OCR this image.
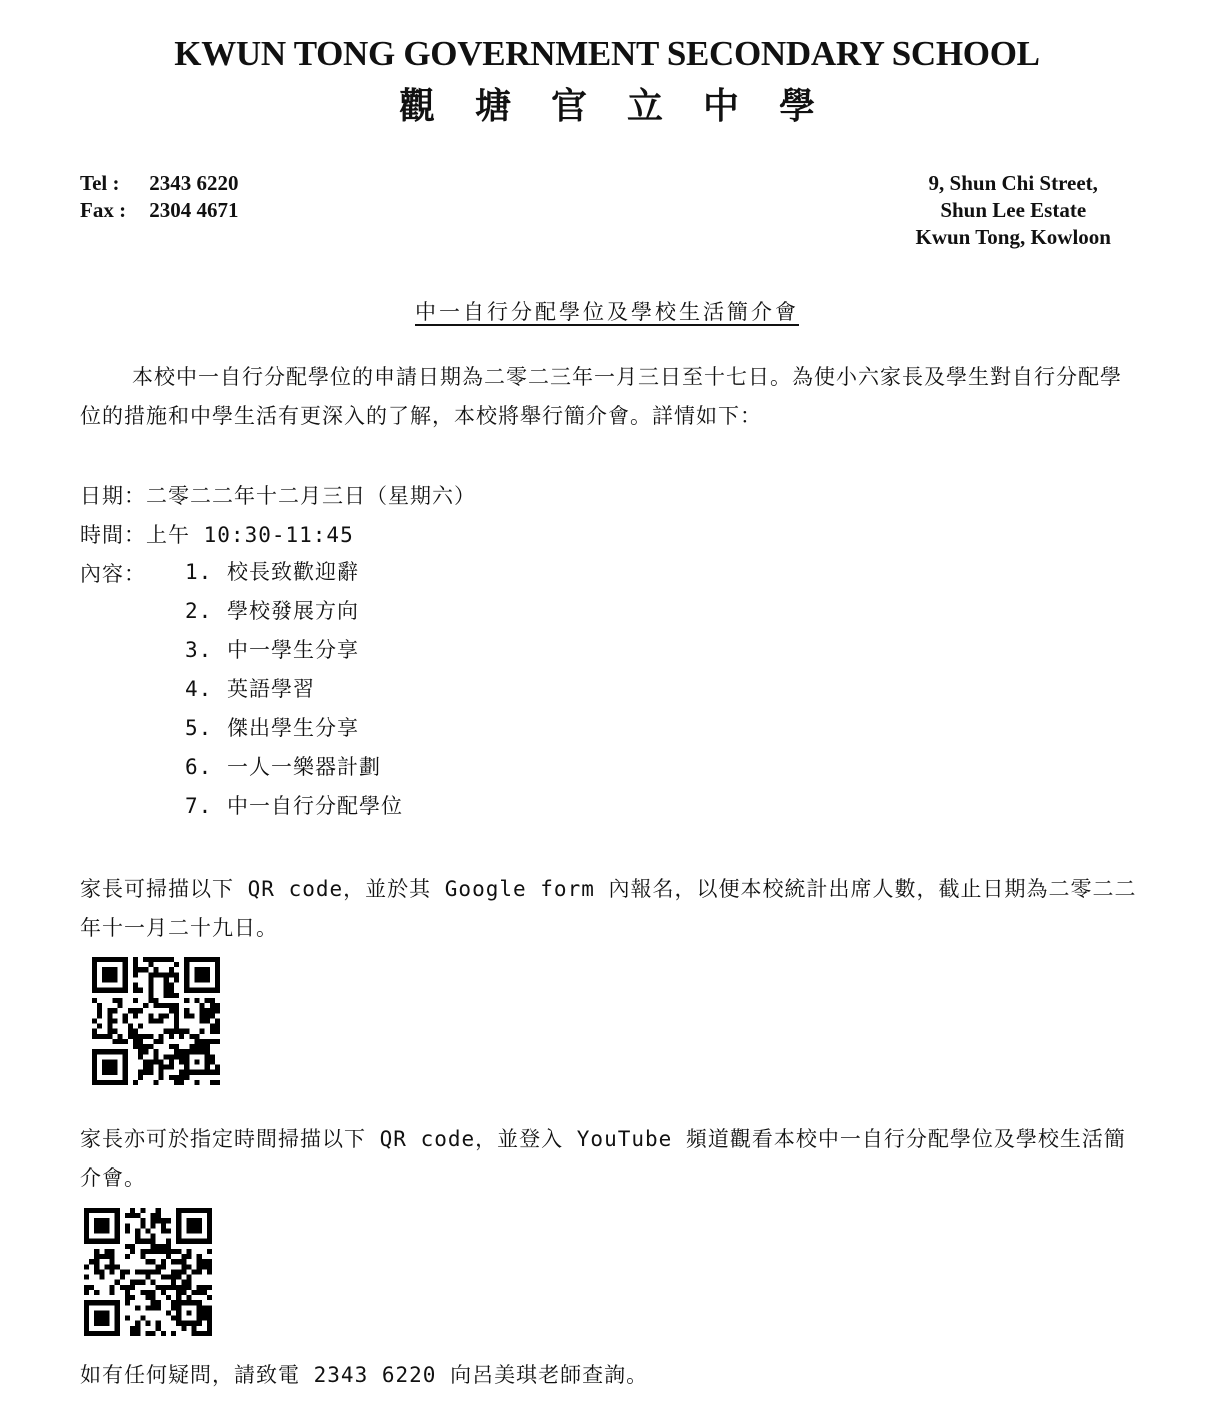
KWUN TONG GOVERNMENT SECONDARY SCHOOL
觀塘官立中學
Tel : 2343 6220
Fax : 2304 4671
9, Shun Chi Street,
Shun Lee Estate
Kwun Tong, Kowloon
中一自行分配學位及學校生活簡介會
本校中一自行分配學位的申請日期為二零二三年一月三日至十七日。為使小六家長及學生對自行分配學位的措施和中學生活有更深入的了解，本校將舉行簡介會。詳情如下：
日期：二零二二年十二月三日（星期六）
時間：上午 10:30-11:45
內容： 1. 校長致歡迎辭
2. 學校發展方向
3. 中一學生分享
4. 英語學習
5. 傑出學生分享
6. 一人一樂器計劃
7. 中一自行分配學位
家長可掃描以下 QR code，並於其 Google form 內報名，以便本校統計出席人數，截止日期為二零二二年十一月二十九日。
家長亦可於指定時間掃描以下 QR code，並登入 YouTube 頻道觀看本校中一自行分配學位及學校生活簡介會。
如有任何疑問，請致電 2343 6220 向呂美琪老師查詢。
